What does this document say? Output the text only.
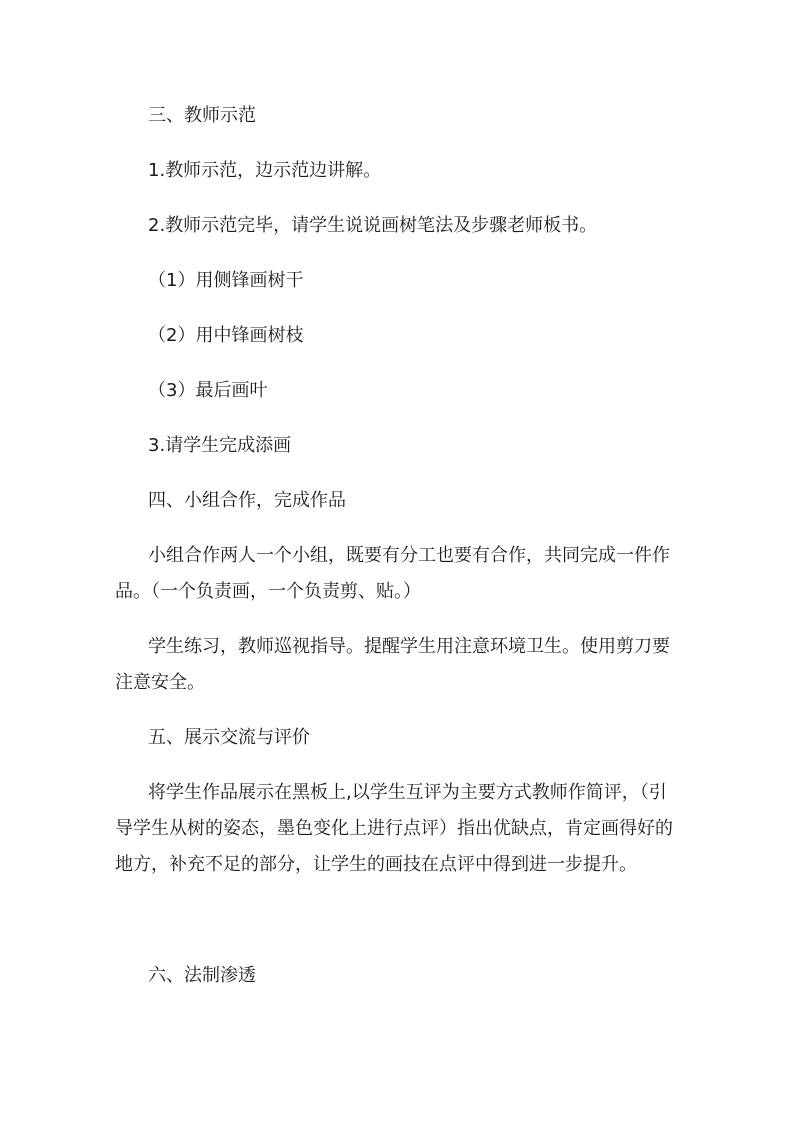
三、教师示范

1.教师示范，边示范边讲解。

2.教师示范完毕，请学生说说画树笔法及步骤老师板书。

（1）用侧锋画树干

（2）用中锋画树枝

（3）最后画叶

3.请学生完成添画

四、小组合作，完成作品

小组合作两人一个小组，既要有分工也要有合作，共同完成一件作品。（一个负责画，一个负责剪、贴。）

学生练习，教师巡视指导。提醒学生用注意环境卫生。使用剪刀要注意安全。

五、展示交流与评价

将学生作品展示在黑板上,以学生互评为主要方式教师作简评，（引导学生从树的姿态，墨色变化上进行点评）指出优缺点，肯定画得好的地方，补充不足的部分，让学生的画技在点评中得到进一步提升。

六、法制渗透
